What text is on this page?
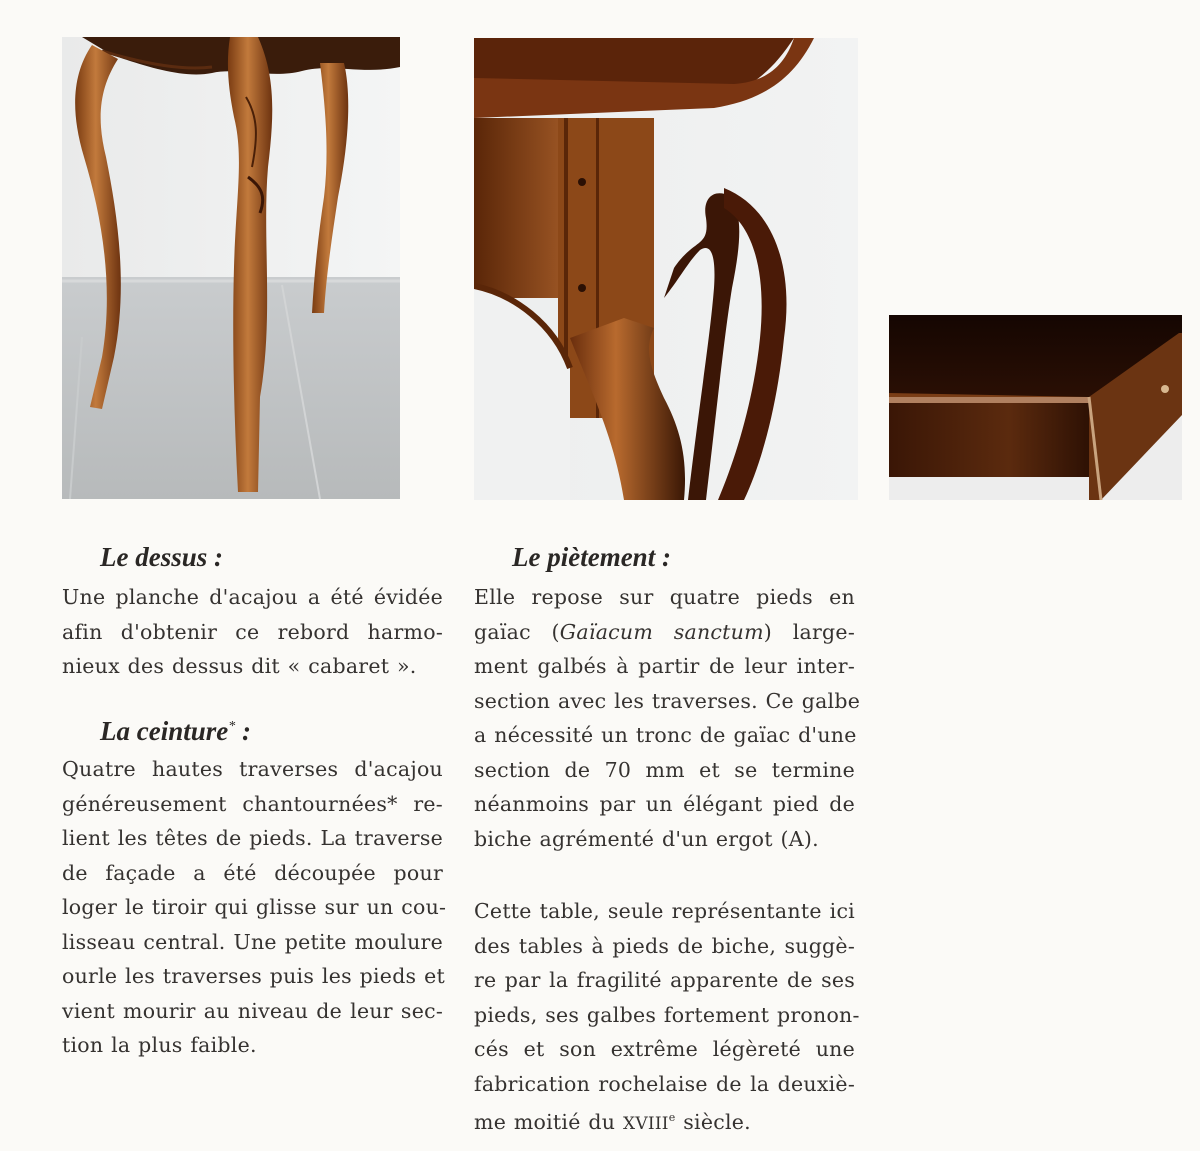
Le dessus :
Une planche d'acajou a été évidée
afin d'obtenir ce rebord harmo-
nieux des dessus dit « cabaret ».
La ceinture* :
Quatre hautes traverses d'acajou
généreusement chantournées* re-
lient les têtes de pieds. La traverse
de façade a été découpée pour
loger le tiroir qui glisse sur un cou-
lisseau central. Une petite moulure
ourle les traverses puis les pieds et
vient mourir au niveau de leur sec-
tion la plus faible.
Le piètement :
Elle repose sur quatre pieds en
gaïac (Gaïacum sanctum) large-
ment galbés à partir de leur inter-
section avec les traverses. Ce galbe
a nécessité un tronc de gaïac d'une
section de 70 mm et se termine
néanmoins par un élégant pied de
biche agrémenté d'un ergot (A).
Cette table, seule représentante ici
des tables à pieds de biche, suggè-
re par la fragilité apparente de ses
pieds, ses galbes fortement pronon-
cés et son extrême légèreté une
fabrication rochelaise de la deuxiè-
me moitié du XVIIIe siècle.
